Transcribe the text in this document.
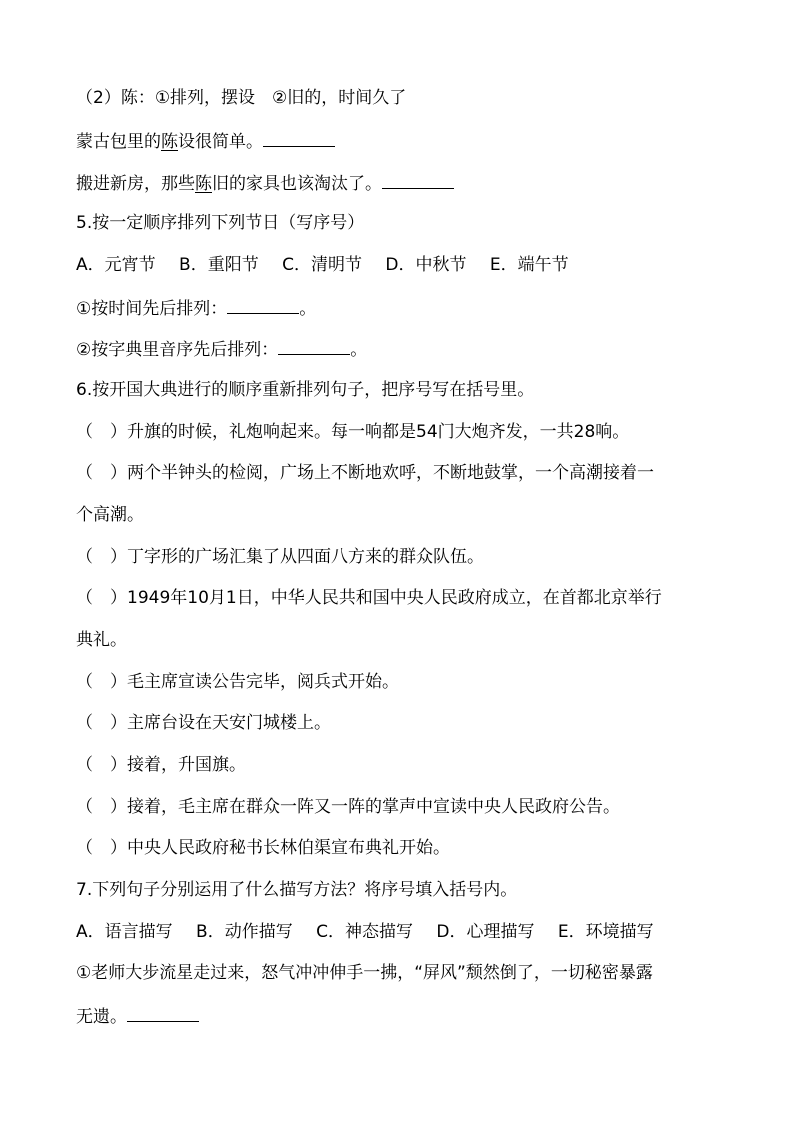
（2）陈：①排列，摆设　②旧的，时间久了
蒙古包里的陈设很简单。
搬进新房，那些陈旧的家具也该淘汰了。
5.按一定顺序排列下列节日（写序号）
A．元宵节 B．重阳节 C．清明节 D．中秋节 E．端午节
①按时间先后排列：	。
②按字典里音序先后排列：	。
6.按开国大典进行的顺序重新排列句子，把序号写在括号里。
（　）升旗的时候，礼炮响起来。每一响都是54门大炮齐发，一共28响。
（　）两个半钟头的检阅，广场上不断地欢呼，不断地鼓掌，一个高潮接着一
个高潮。
（　）丁字形的广场汇集了从四面八方来的群众队伍。
（　）1949年10月1日，中华人民共和国中央人民政府成立，在首都北京举行
典礼。
（　）毛主席宣读公告完毕，阅兵式开始。
（　）主席台设在天安门城楼上。
（　）接着，升国旗。
（　）接着，毛主席在群众一阵又一阵的掌声中宣读中央人民政府公告。
（　）中央人民政府秘书长林伯渠宣布典礼开始。
7.下列句子分别运用了什么描写方法？将序号填入括号内。
A．语言描写 B．动作描写 C．神态描写 D．心理描写 E．环境描写
①老师大步流星走过来，怒气冲冲伸手一拂，“屏风”颓然倒了，一切秘密暴露
无遗。
